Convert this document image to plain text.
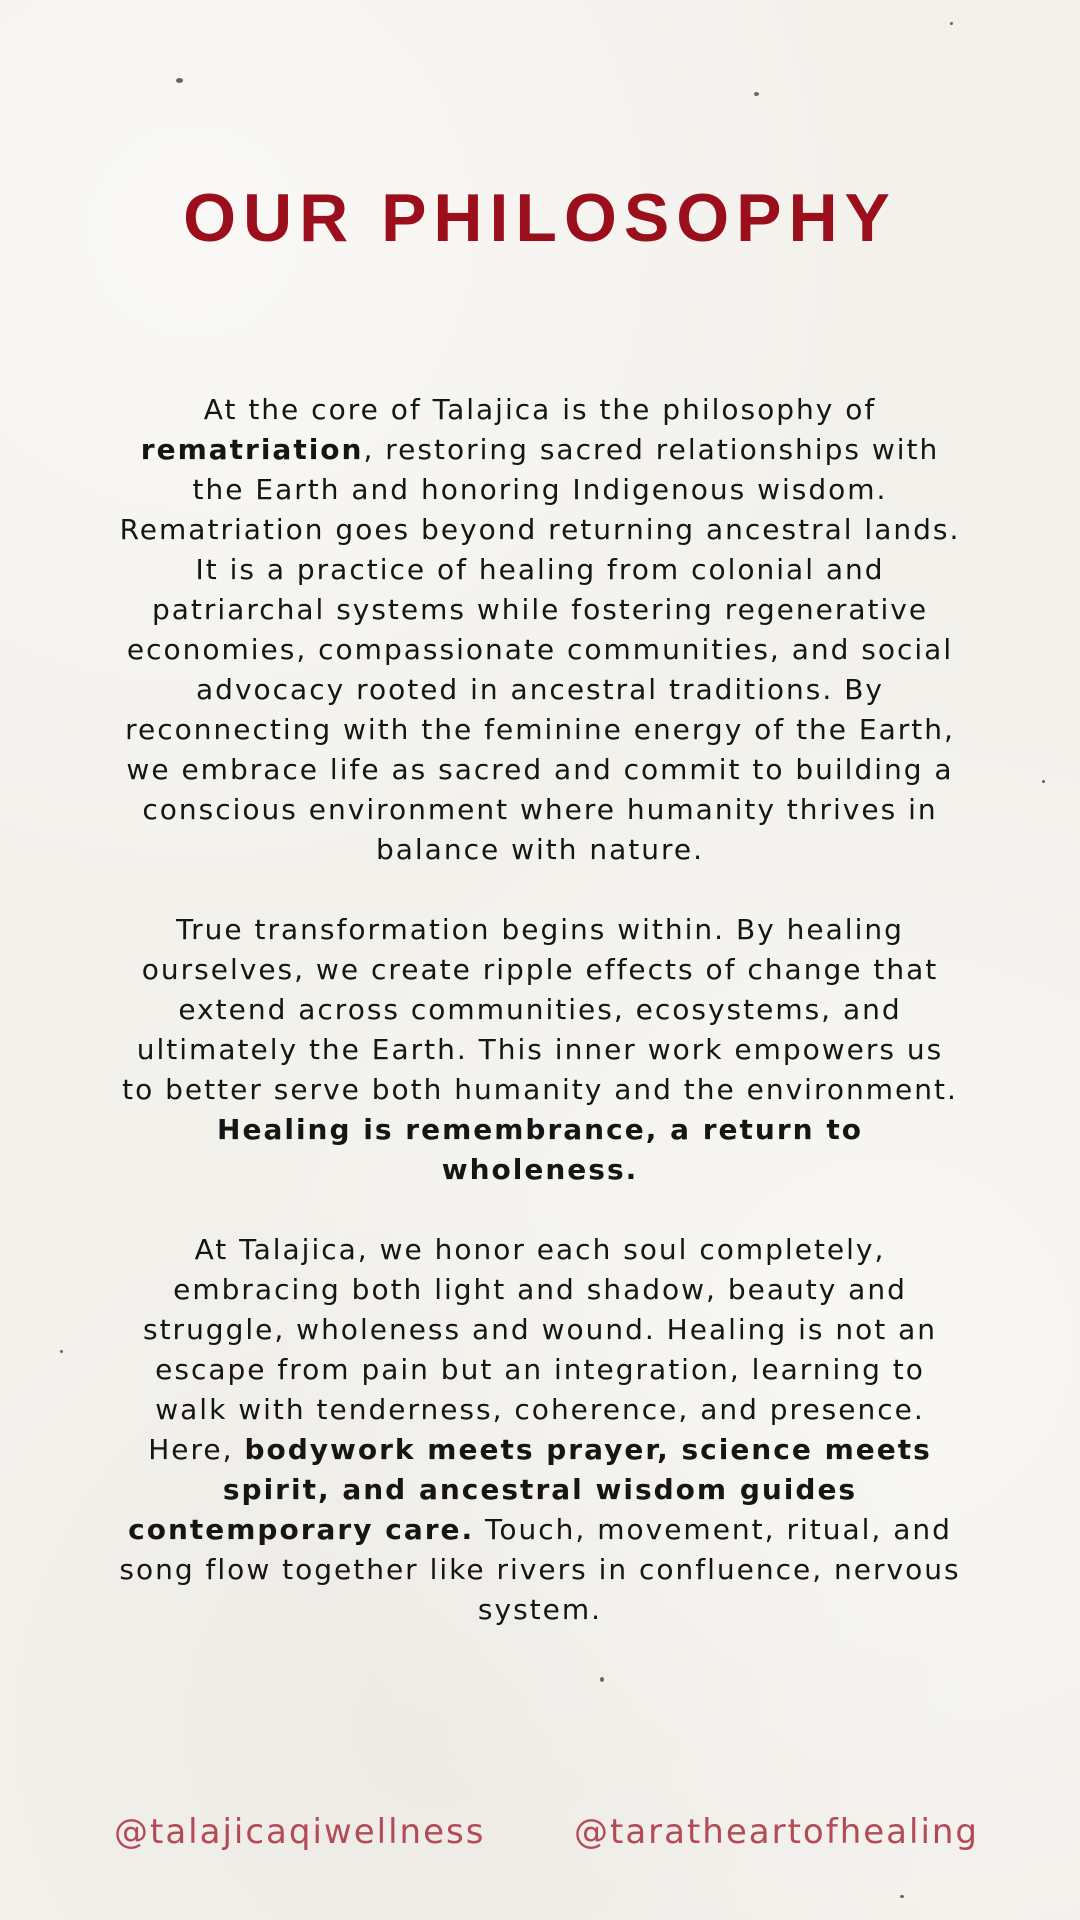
OUR PHILOSOPHY

At the core of Talajica is the philosophy of rematriation, restoring sacred relationships with the Earth and honoring Indigenous wisdom. Rematriation goes beyond returning ancestral lands. It is a practice of healing from colonial and patriarchal systems while fostering regenerative economies, compassionate communities, and social advocacy rooted in ancestral traditions. By reconnecting with the feminine energy of the Earth, we embrace life as sacred and commit to building a conscious environment where humanity thrives in balance with nature.

True transformation begins within. By healing ourselves, we create ripple effects of change that extend across communities, ecosystems, and ultimately the Earth. This inner work empowers us to better serve both humanity and the environment. Healing is remembrance, a return to wholeness.

At Talajica, we honor each soul completely, embracing both light and shadow, beauty and struggle, wholeness and wound. Healing is not an escape from pain but an integration, learning to walk with tenderness, coherence, and presence. Here, bodywork meets prayer, science meets spirit, and ancestral wisdom guides contemporary care. Touch, movement, ritual, and song flow together like rivers in confluence, nervous system.

@talajicaqiwellness	@taratheartofhealing
